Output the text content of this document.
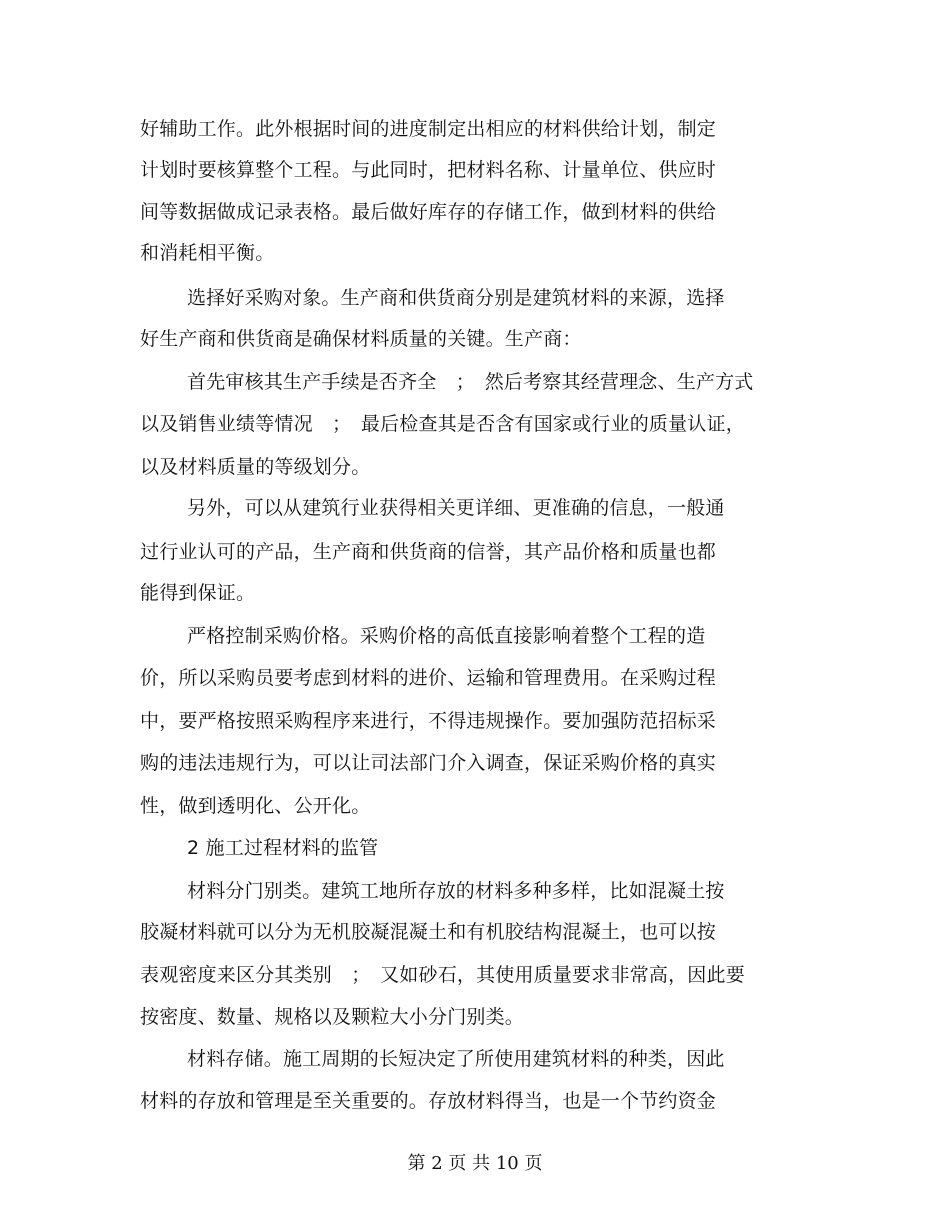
好辅助工作。此外根据时间的进度制定出相应的材料供给计划，制定
计划时要核算整个工程。与此同时，把材料名称、计量单位、供应时
间等数据做成记录表格。最后做好库存的存储工作，做到材料的供给
和消耗相平衡。
选择好采购对象。生产商和供货商分别是建筑材料的来源，选择
好生产商和供货商是确保材料质量的关键。生产商：
首先审核其生产手续是否齐全　；　然后考察其经营理念、生产方式
以及销售业绩等情况　；　最后检查其是否含有国家或行业的质量认证，
以及材料质量的等级划分。
另外，可以从建筑行业获得相关更详细、更准确的信息，一般通
过行业认可的产品，生产商和供货商的信誉，其产品价格和质量也都
能得到保证。
严格控制采购价格。采购价格的高低直接影响着整个工程的造
价，所以采购员要考虑到材料的进价、运输和管理费用。在采购过程
中，要严格按照采购程序来进行，不得违规操作。要加强防范招标采
购的违法违规行为，可以让司法部门介入调查，保证采购价格的真实
性，做到透明化、公开化。
2 施工过程材料的监管
材料分门别类。建筑工地所存放的材料多种多样，比如混凝土按
胶凝材料就可以分为无机胶凝混凝土和有机胶结构混凝土，也可以按
表观密度来区分其类别　；　又如砂石，其使用质量要求非常高，因此要
按密度、数量、规格以及颗粒大小分门别类。
材料存储。施工周期的长短决定了所使用建筑材料的种类，因此
材料的存放和管理是至关重要的。存放材料得当，也是一个节约资金
第 2 页 共 10 页
